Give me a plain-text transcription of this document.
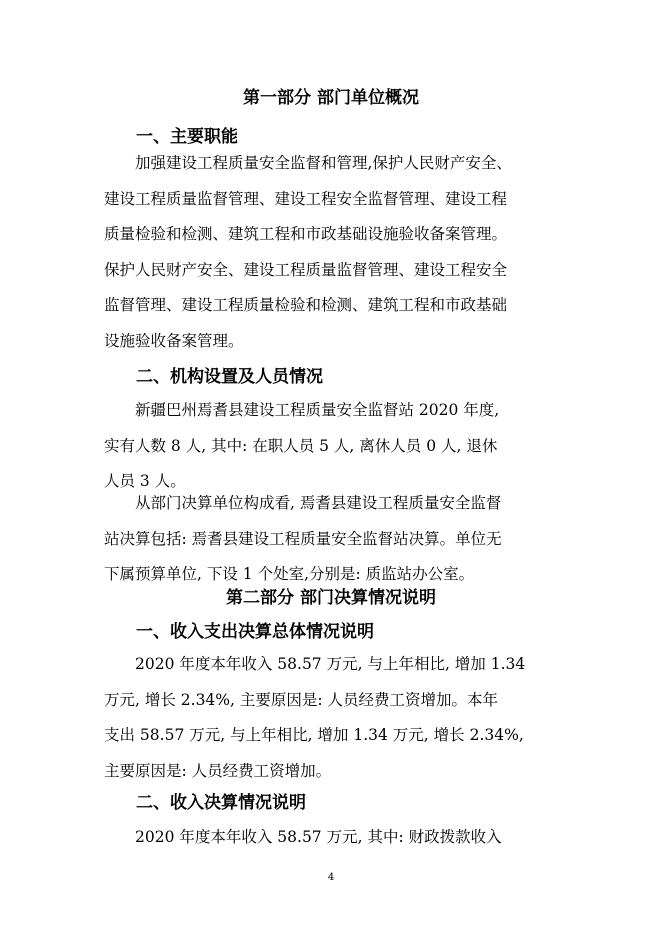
第一部分 部门单位概况
一、主要职能
加强建设工程质量安全监督和管理,保护人民财产安全、
建设工程质量监督管理、建设工程安全监督管理、建设工程
质量检验和检测、建筑工程和市政基础设施验收备案管理。
保护人民财产安全、建设工程质量监督管理、建设工程安全
监督管理、建设工程质量检验和检测、建筑工程和市政基础
设施验收备案管理。
二、机构设置及人员情况
新疆巴州焉耆县建设工程质量安全监督站 2020 年度,
实有人数 8 人, 其中: 在职人员 5 人, 离休人员 0 人, 退休
人员 3 人。
从部门决算单位构成看, 焉耆县建设工程质量安全监督
站决算包括: 焉耆县建设工程质量安全监督站决算。单位无
下属预算单位, 下设 1 个处室,分别是: 质监站办公室。
第二部分 部门决算情况说明
一、收入支出决算总体情况说明
2020 年度本年收入 58.57 万元, 与上年相比, 增加 1.34
万元, 增长 2.34%, 主要原因是: 人员经费工资增加。本年
支出 58.57 万元, 与上年相比, 增加 1.34 万元, 增长 2.34%,
主要原因是: 人员经费工资增加。
二、收入决算情况说明
2020 年度本年收入 58.57 万元, 其中: 财政拨款收入
4
